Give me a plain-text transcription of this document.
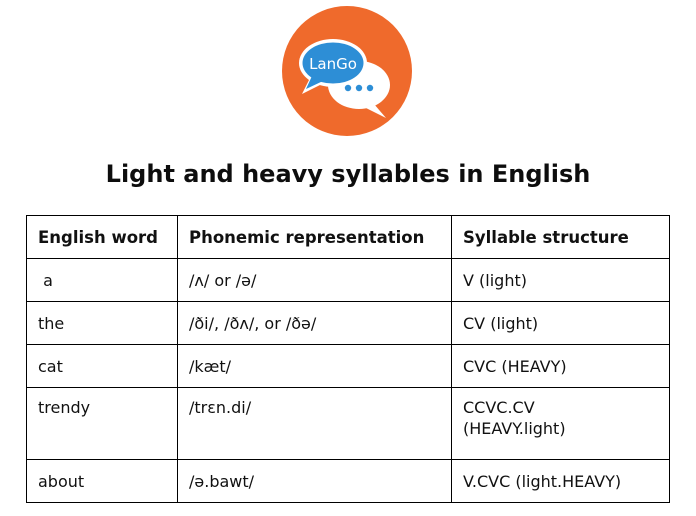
LanGo
Light and heavy syllables in English
English word	Phonemic representation	Syllable structure
a	/ʌ/ or /ə/	V (light)
the	/ði/, /ðʌ/, or /ðə/	CV (light)
cat	/kæt/	CVC (HEAVY)
trendy	/trɛn.di/	CCVC.CV
(HEAVY.light)

about	/ə.bawt/	V.CVC (light.HEAVY)
